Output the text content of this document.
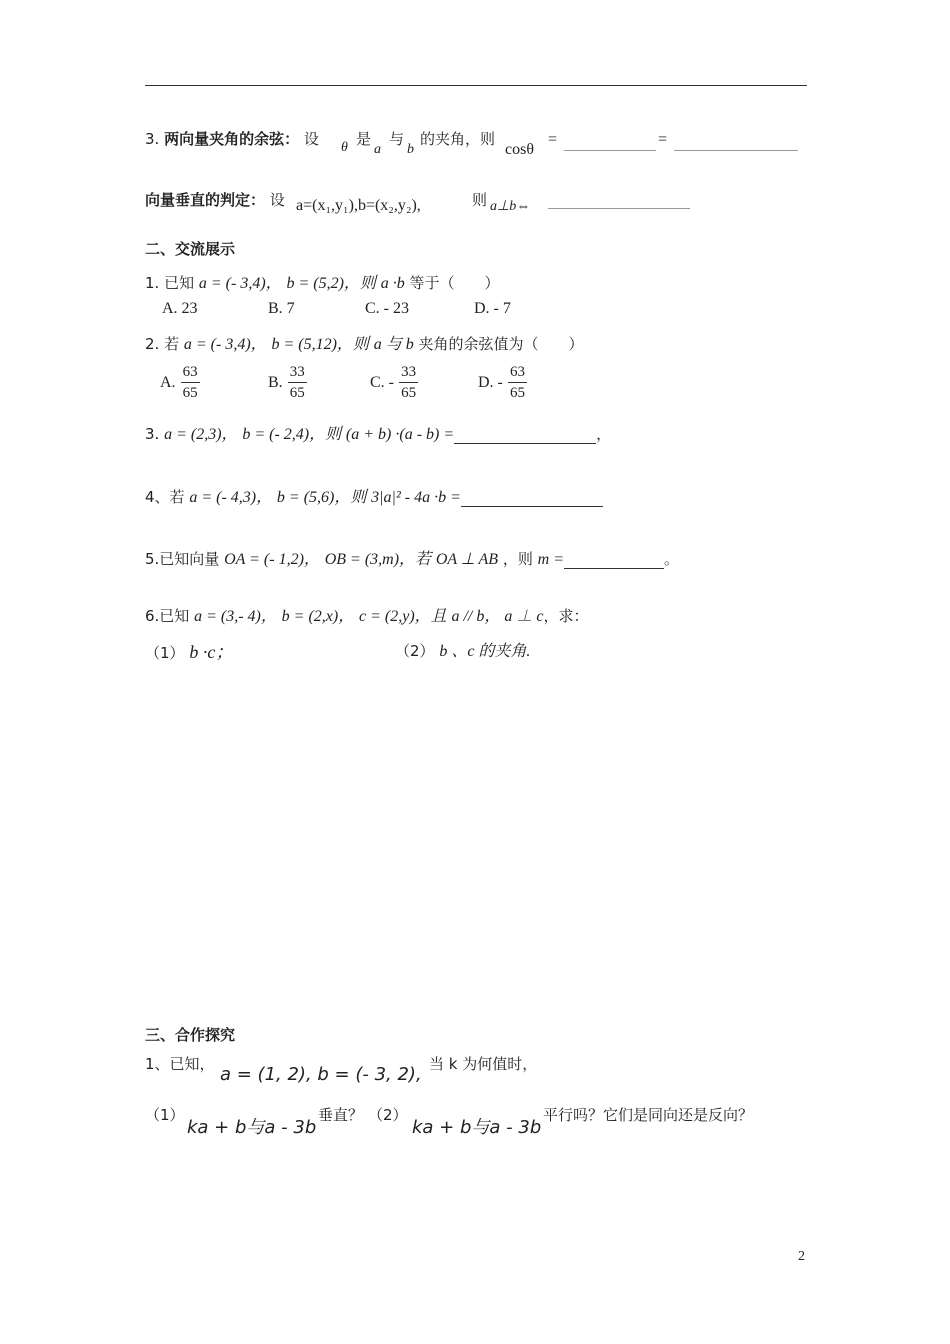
3. 两向量夹角的余弦： 设 θ 是
a
与
b
的夹角，则
cosθ
=	=
向量垂直的判定： 设 a=(x₁,y₁),b=(x₂,y₂),	则 a⊥b⇔
二、交流展示
1. 已知 a = (- 3,4)， b = (5,2)，则 a ·b 等于（　　）
A. 23	B. 7	C. - 23	D. - 7
2. 若 a = (- 3,4)， b = (5,12)，则 a 与 b 夹角的余弦值为（　　）
A. $\frac{63}{65}$	B. $\frac{33}{65}$	C. - $\frac{33}{65}$	D. - $\frac{63}{65}$
3. a = (2,3)， b = (- 2,4)，则 (a + b) ·(a - b) =	，
4、若 a = (- 4,3)， b = (5,6)，则 3|a|² - 4a ·b =
5.已知向量 OA = (- 1,2)， OB = (3,m)，若 OA ⊥ AB ，则 m =	。
6.已知 a = (3,- 4)， b = (2,x)， c = (2,y)，且 a // b， a ⊥ c，求：
（1） b ·c；	（2） b 、c 的夹角.
三、合作探究
1、已知， a = (1, 2), b = (- 3, 2), 当 k 为何值时，
（1）
ka + b与a - 3b
垂直？ （2）
ka + b与a - 3b
平行吗？它们是同向还是反向？
2
